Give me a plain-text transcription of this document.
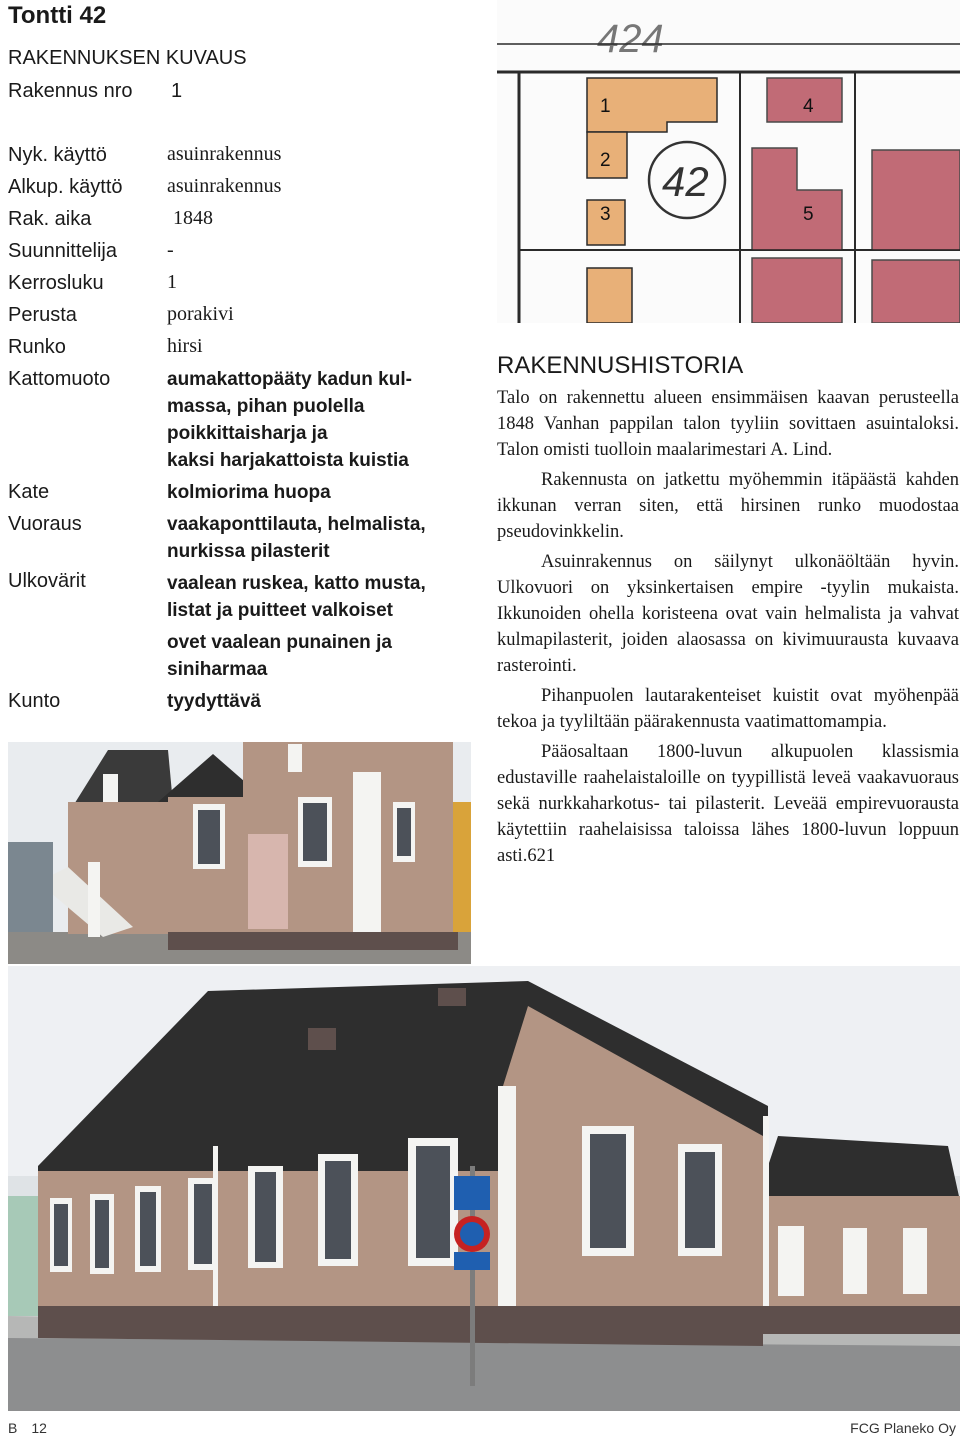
Tontti 42
RAKENNUKSEN KUVAUS
Rakennus nro 1
Nyk. käyttö	asuinrakennus
Alkup. käyttö asuinrakennus
Rak. aika	1848
Suunnittelija	-
Kerrosluku	1
Perusta	porakivi
Runko	hirsi
Kattomuoto	aumakattopääty kadun kul-
massa, pihan puolella
poikkittaisharja ja
kaksi harjakattoista kuistia
Kate	kolmiorima huopa
Vuoraus	vaakaponttilauta, helmalista,
nurkissa pilasterit
Ulkovärit	vaalean ruskea, katto musta,
listat ja puitteet valkoiset
ovet vaalean punainen ja
siniharmaa
Kunto	tyydyttävä
424
42
1
2
3
4
5
RAKENNUSHISTORIA

Talo on rakennettu alueen ensimmäisen kaavan perusteella 1848 Vanhan pappilan talon tyyliin sovittaen asuintaloksi. Talon omisti tuolloin maalarimestari A. Lind.

Rakennusta on jatkettu myöhemmin itäpäästä kahden ikkunan verran siten, että hirsinen runko muodostaa pseudovinkkelin.

Asuinrakennus on säilynyt ulkonäöltään hyvin. Ulkovuori on yksinkertaisen empire -tyylin mukaista. Ikkunoiden ohella koristeena ovat vain helmalista ja vahvat kulmapilasterit, joiden alaosassa on kivimuurausta kuvaava rasterointi.

Pihanpuolen lautarakenteiset kuistit ovat myöhenpää tekoa ja tyyliltään päärakennusta vaatimattomampia.

Pääosaltaan 1800-luvun alkupuolen klassismia edustaville raahelaistaloille on tyypillistä leveä vaakavuoraus sekä nurkkaharkotus- tai pilasterit. Leveää empirevuorausta käytettiin raahelaisissa taloissa lähes 1800-luvun loppuun asti.621

B 12	FCG Planeko Oy
